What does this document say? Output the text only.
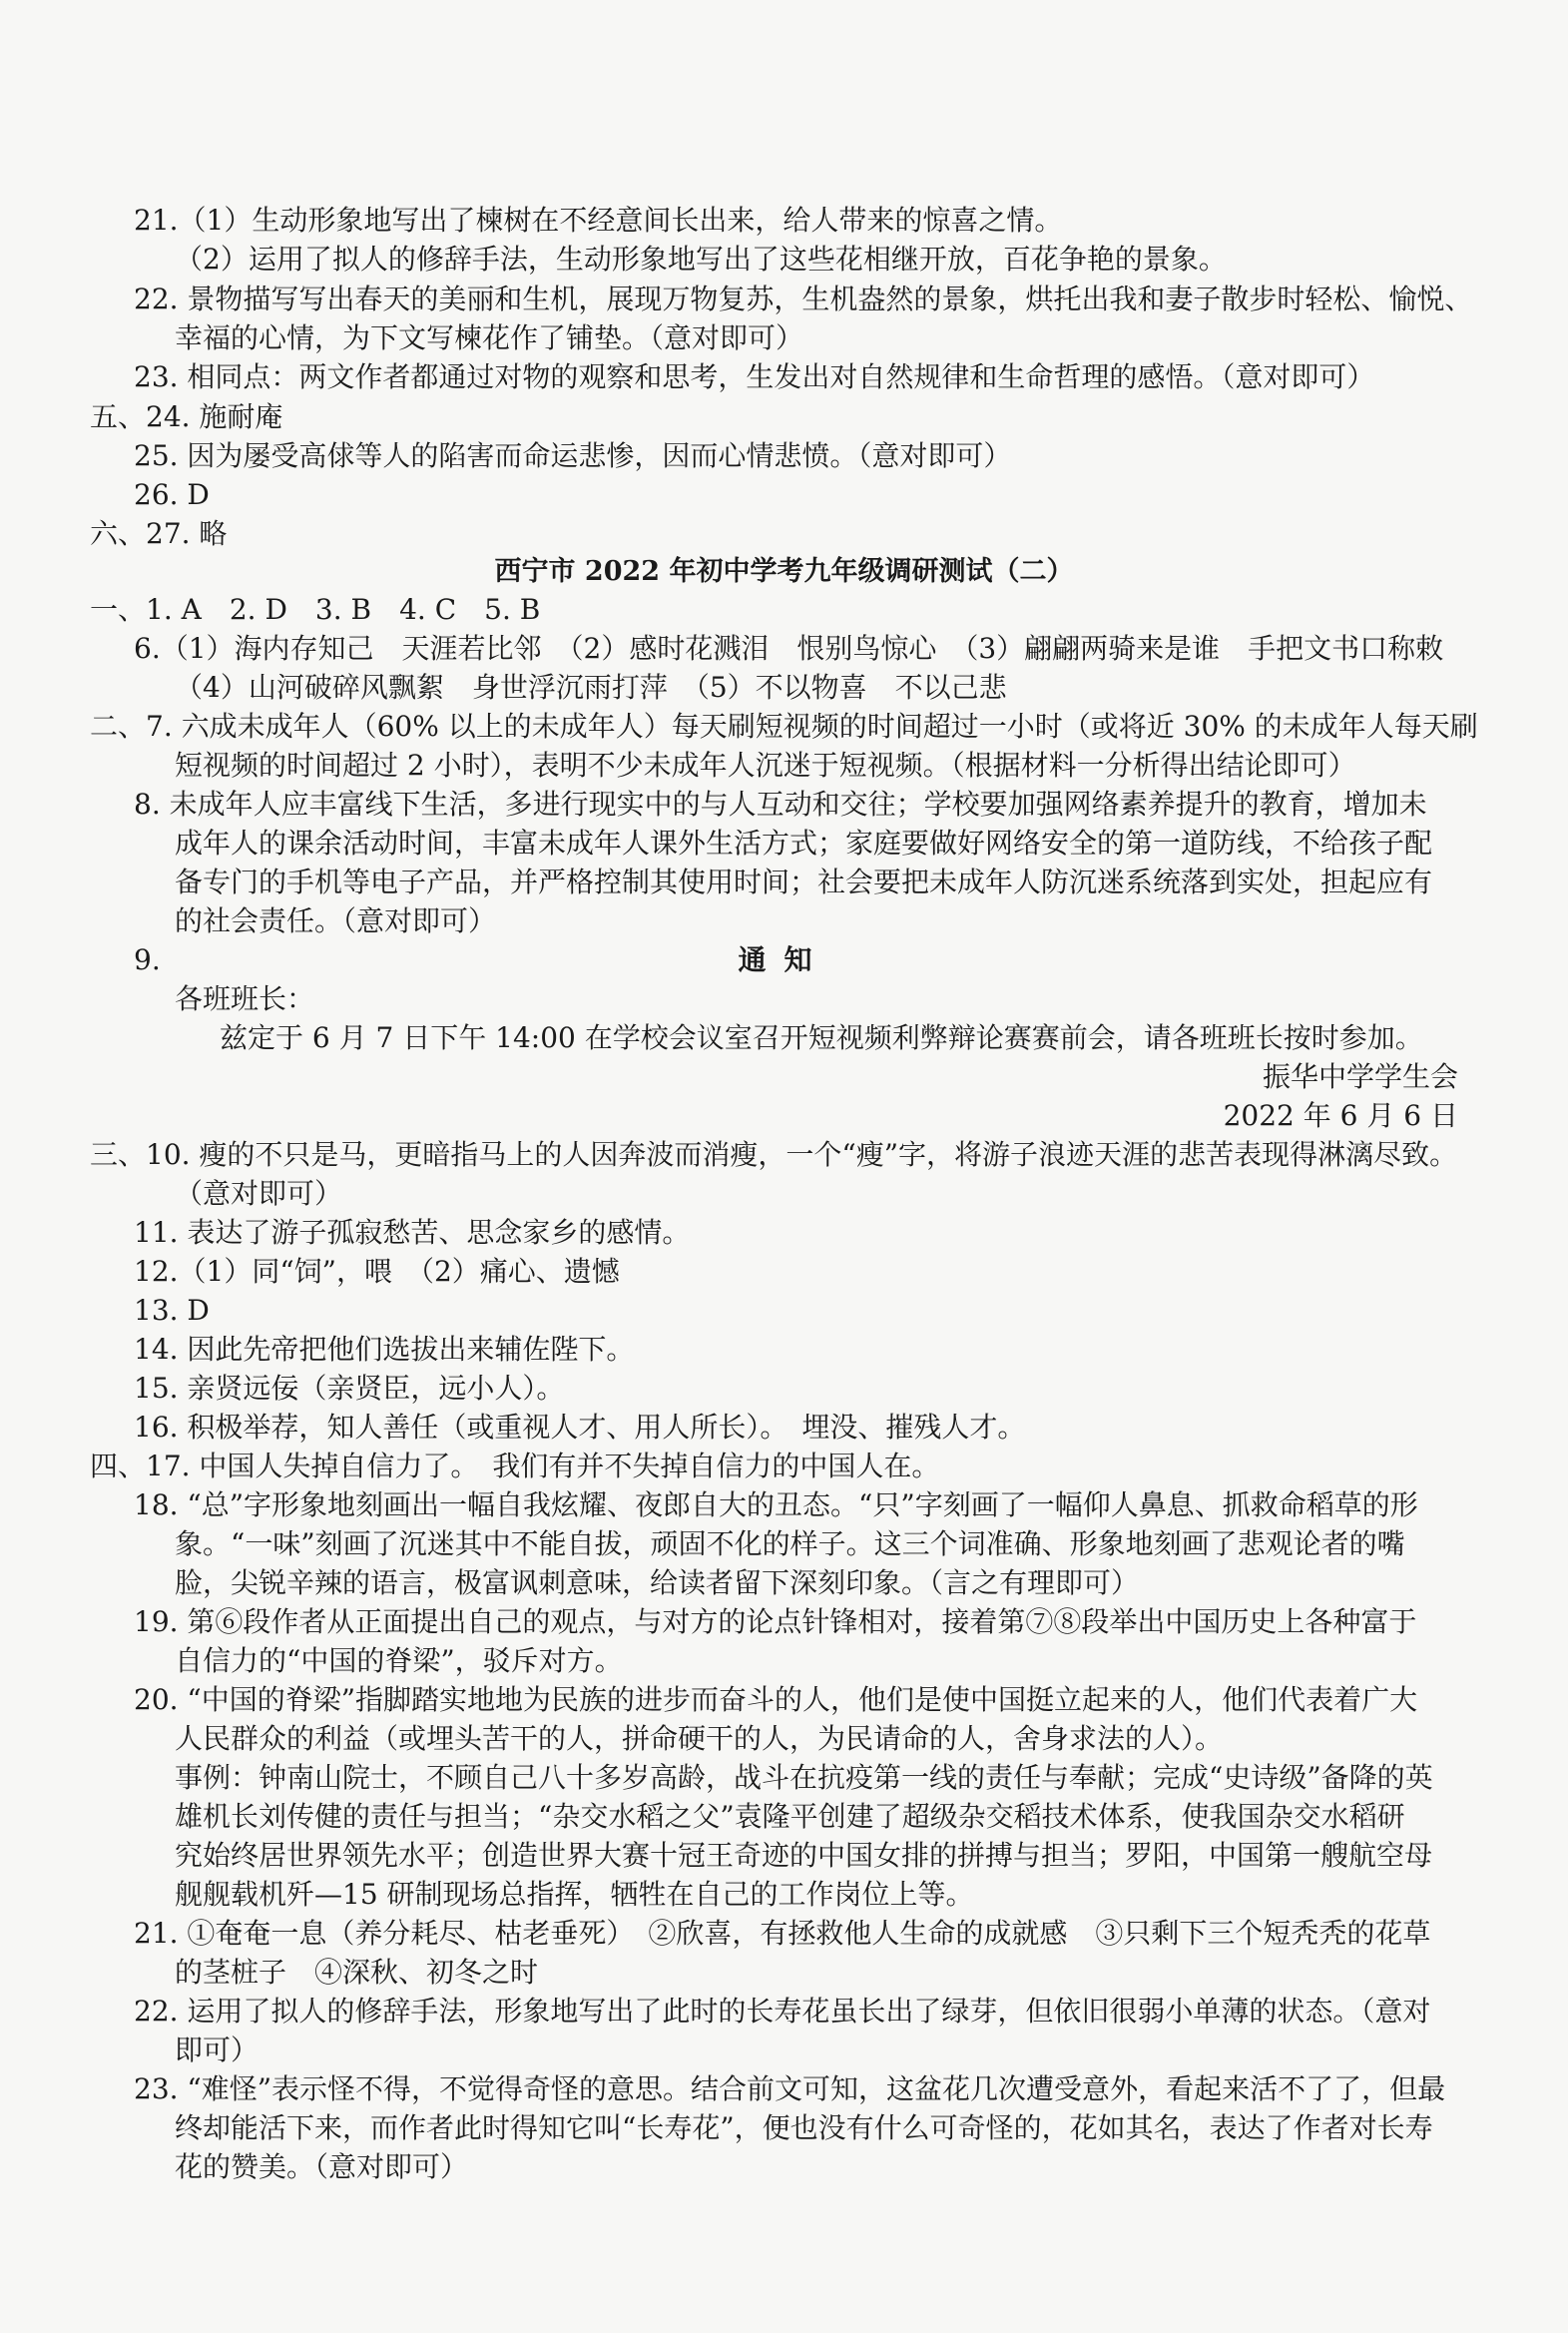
21.（1）生动形象地写出了楝树在不经意间长出来，给人带来的惊喜之情。
（2）运用了拟人的修辞手法，生动形象地写出了这些花相继开放，百花争艳的景象。
22. 景物描写写出春天的美丽和生机，展现万物复苏，生机盎然的景象，烘托出我和妻子散步时轻松、愉悦、
幸福的心情，为下文写楝花作了铺垫。（意对即可）
23. 相同点：两文作者都通过对物的观察和思考，生发出对自然规律和生命哲理的感悟。（意对即可）
五、24. 施耐庵
25. 因为屡受高俅等人的陷害而命运悲惨，因而心情悲愤。（意对即可）
26. D
六、27. 略
西宁市 2022 年初中学考九年级调研测试（二）
一、1. A　2. D　3. B　4. C　5. B
6.（1）海内存知己　天涯若比邻　（2）感时花溅泪　恨别鸟惊心　（3）翩翩两骑来是谁　手把文书口称敕
（4）山河破碎风飘絮　身世浮沉雨打萍　（5）不以物喜　不以己悲
二、7. 六成未成年人（60% 以上的未成年人）每天刷短视频的时间超过一小时（或将近 30% 的未成年人每天刷
短视频的时间超过 2 小时），表明不少未成年人沉迷于短视频。（根据材料一分析得出结论即可）
8. 未成年人应丰富线下生活，多进行现实中的与人互动和交往；学校要加强网络素养提升的教育，增加未
成年人的课余活动时间，丰富未成年人课外生活方式；家庭要做好网络安全的第一道防线，不给孩子配
备专门的手机等电子产品，并严格控制其使用时间；社会要把未成年人防沉迷系统落到实处，担起应有
的社会责任。（意对即可）
9.	通知
各班班长：
兹定于 6 月 7 日下午 14:00 在学校会议室召开短视频利弊辩论赛赛前会，请各班班长按时参加。
振华中学学生会
2022 年 6 月 6 日
三、10. 瘦的不只是马，更暗指马上的人因奔波而消瘦，一个“瘦”字，将游子浪迹天涯的悲苦表现得淋漓尽致。
（意对即可）
11. 表达了游子孤寂愁苦、思念家乡的感情。
12.（1）同“饲”，喂　（2）痛心、遗憾
13. D
14. 因此先帝把他们选拔出来辅佐陛下。
15. 亲贤远佞（亲贤臣，远小人）。
16. 积极举荐，知人善任（或重视人才、用人所长）。　埋没、摧残人才。
四、17. 中国人失掉自信力了。　我们有并不失掉自信力的中国人在。
18. “总”字形象地刻画出一幅自我炫耀、夜郎自大的丑态。“只”字刻画了一幅仰人鼻息、抓救命稻草的形
象。“一味”刻画了沉迷其中不能自拔，顽固不化的样子。这三个词准确、形象地刻画了悲观论者的嘴
脸，尖锐辛辣的语言，极富讽刺意味，给读者留下深刻印象。（言之有理即可）
19. 第⑥段作者从正面提出自己的观点，与对方的论点针锋相对，接着第⑦⑧段举出中国历史上各种富于
自信力的“中国的脊梁”，驳斥对方。
20. “中国的脊梁”指脚踏实地地为民族的进步而奋斗的人，他们是使中国挺立起来的人，他们代表着广大
人民群众的利益（或埋头苦干的人，拼命硬干的人，为民请命的人，舍身求法的人）。
事例：钟南山院士，不顾自己八十多岁高龄，战斗在抗疫第一线的责任与奉献；完成“史诗级”备降的英
雄机长刘传健的责任与担当；“杂交水稻之父”袁隆平创建了超级杂交稻技术体系，使我国杂交水稻研
究始终居世界领先水平；创造世界大赛十冠王奇迹的中国女排的拼搏与担当；罗阳，中国第一艘航空母
舰舰载机歼—15 研制现场总指挥，牺牲在自己的工作岗位上等。
21. ①奄奄一息（养分耗尽、枯老垂死）　②欣喜，有拯救他人生命的成就感　③只剩下三个短秃秃的花草
的茎桩子　④深秋、初冬之时
22. 运用了拟人的修辞手法，形象地写出了此时的长寿花虽长出了绿芽，但依旧很弱小单薄的状态。（意对
即可）
23. “难怪”表示怪不得，不觉得奇怪的意思。结合前文可知，这盆花几次遭受意外，看起来活不了了，但最
终却能活下来，而作者此时得知它叫“长寿花”，便也没有什么可奇怪的，花如其名，表达了作者对长寿
花的赞美。（意对即可）
